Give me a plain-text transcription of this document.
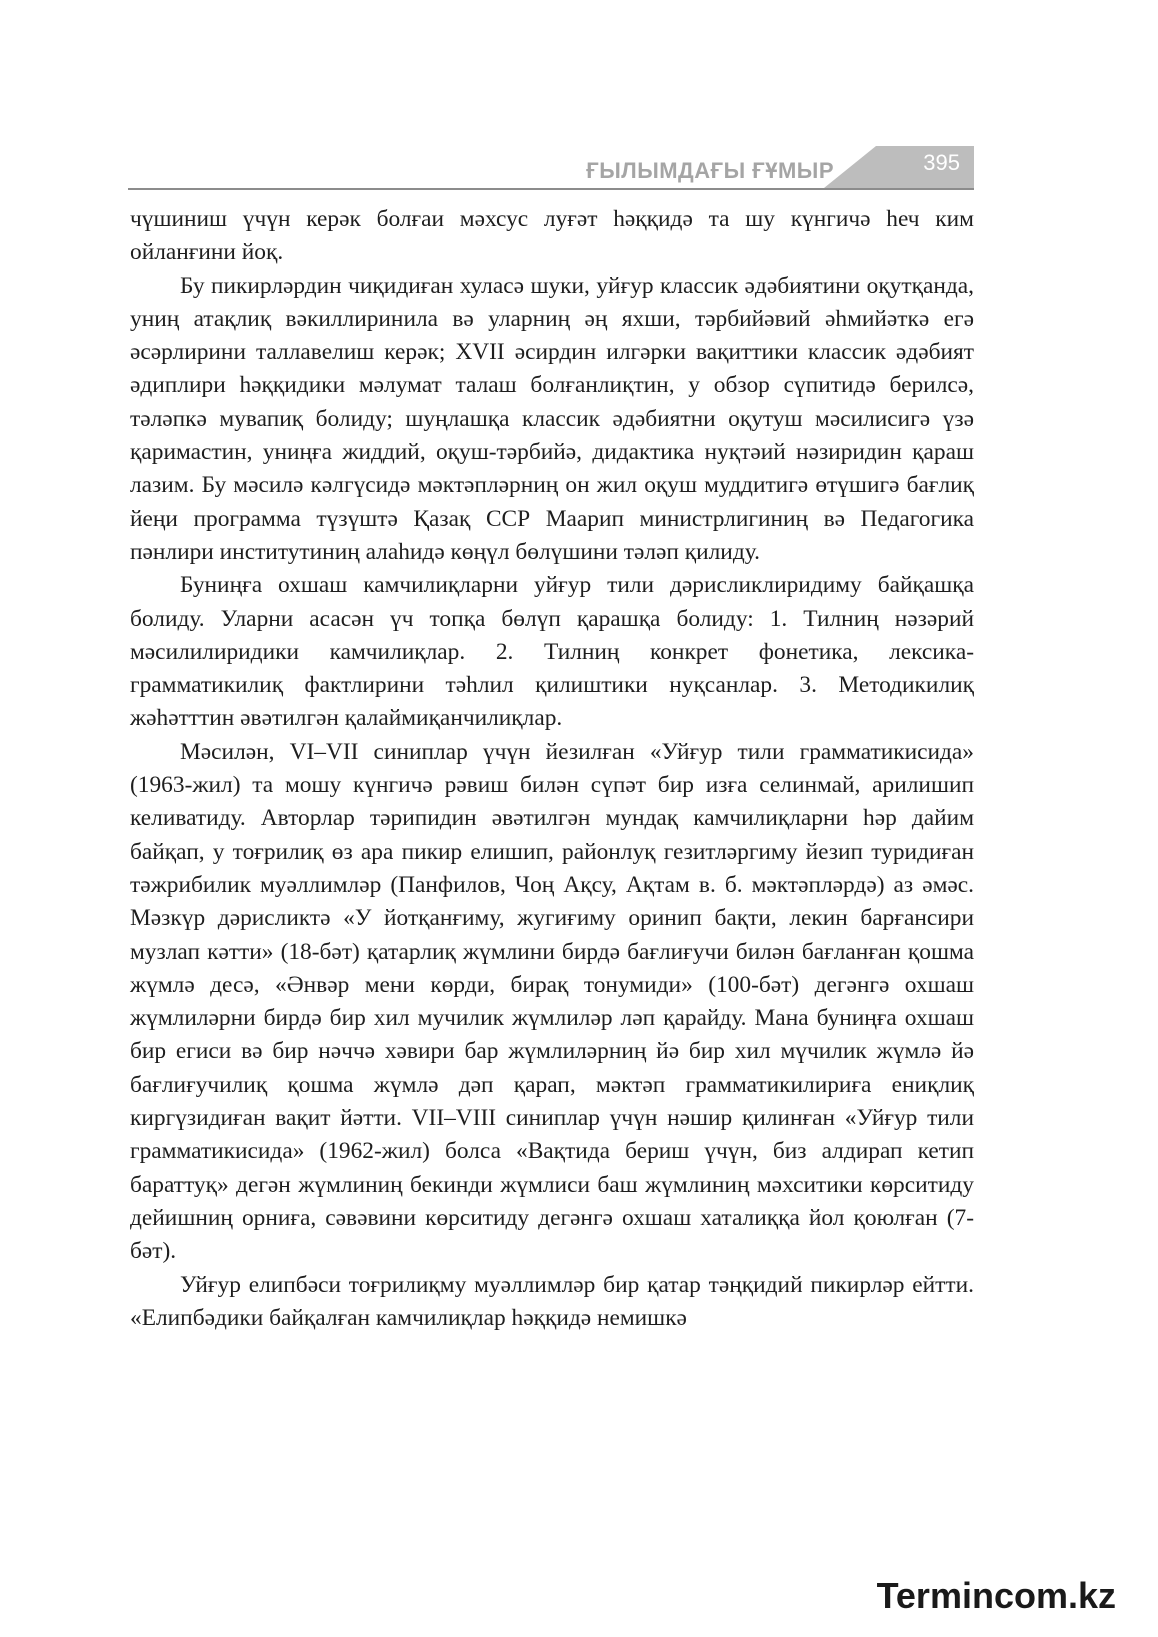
ҒЫЛЫМДАҒЫ ҒҰМЫР	395

чүшиниш үчүн керәк болғаи мәхсус луғәт һәққидә та шу күнгичә һеч ким ойланғини йоқ.

Бу пикирләрдин чиқидиған хуласә шуки, уйғур классик әдәбиятини оқутқанда, униң атақлиқ вәкиллиринила вә уларниң әң яхши, тәрбийәвий әһмийәткә егә әсәрлирини таллавелиш керәк; XVII әсирдин илгәрки вақиттики классик әдәбият әдиплири һәққидики мәлумат талаш болғанлиқтин, у обзор сүпитидә берилсә, тәләпкә мувапиқ болиду; шуңлашқа классик әдәбиятни оқутуш мәсилисигә үзә қаримастин, униңға жиддий, оқуш-тәрбийә, дидактика нуқтәий нәзиридин қараш лазим. Бу мәсилә кәлгүсидә мәктәпләрниң он жил оқуш муддитигә өтүшигә бағлиқ йеңи программа түзүштә Қазақ ССР Маарип министрлигиниң вә Педагогика пәнлири институтиниң алаһидә көңүл бөлүшини тәләп қилиду.

Буниңға охшаш камчилиқларни уйғур тили дәрисликлиридиму байқашқа болиду. Уларни асасән үч топқа бөлүп қарашқа болиду: 1. Тилниң нәзәрий мәсилилиридики камчилиқлар. 2. Тилниң конкрет фонетика, лексика-грамматикилиқ фактлирини тәһлил қилиштики нуқсанлар. 3. Методикилиқ жәһәтттин әвәтилгән қалаймиқанчилиқлар.

Мәсилән, VI–VII синиплар үчүн йезилған «Уйғур тили грамматикисида» (1963-жил) та мошу күнгичә рәвиш билән сүпәт бир изға селинмай, арилишип келиватиду. Авторлар тәрипидин әвәтилгән мундақ камчилиқларни һәр дайим байқап, у тоғрилиқ өз ара пикир елишип, районлуқ гезитләргиму йезип туридиған тәжрибилик муәллимләр (Панфилов, Чоң Ақсу, Ақтам в. б. мәктәпләрдә) аз әмәс. Мәзкүр дәрисликтә «У йотқанғиму, жугиғиму оринип бақти, лекин барғансири музлап кәтти» (18-бәт) қатарлиқ жүмлини бирдә бағлиғучи билән бағланған қошма жүмлә десә, «Әнвәр мени көрди, бирақ тонумиди» (100-бәт) дегәнгә охшаш жүмлиләрни бирдә бир хил мучилик жүмлиләр ләп қарайду. Мана буниңға охшаш бир егиси вә бир нәччә хәвири бар жүмлиләрниң йә бир хил мүчилик жүмлә йә бағлиғучилиқ қошма жүмлә дәп қарап, мәктәп грамматикилириға ениқлиқ киргүзидиған вақит йәтти. VII–VIII синиплар үчүн нәшир қилинған «Уйғур тили грамматикисида» (1962-жил) болса «Вақтида бериш үчүн, биз алдирап кетип бараттуқ» дегән жүмлиниң бекинди жүмлиси баш жүмлиниң мәхситики көрситиду дейишниң орниға, сәвәвини көрситиду дегәнгә охшаш хаталиққа йол қоюлған (7-бәт).

Уйғур елипбәси тоғрилиқму муәллимләр бир қатар тәңқидий пикирләр ейтти. «Елипбәдики байқалған камчилиқлар һәққидә немишкә

Termincom.kz
